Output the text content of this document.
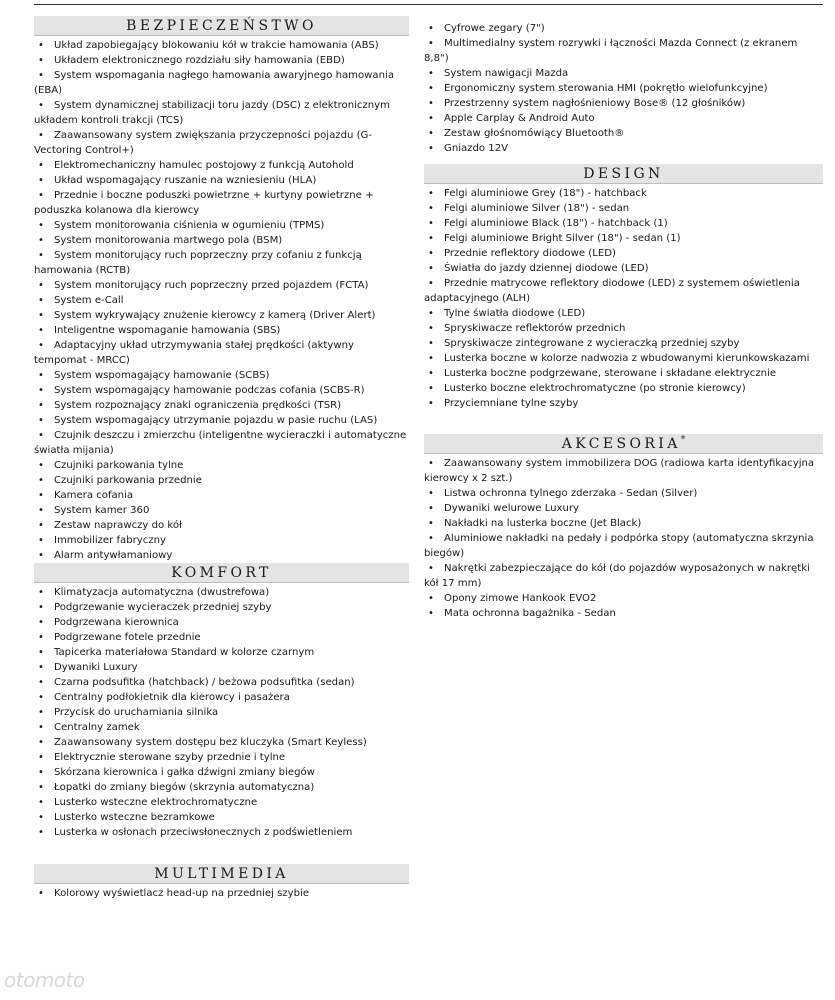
BEZPIECZEŃSTWO
• Układ zapobiegający blokowaniu kół w trakcie hamowania (ABS)
• Układem elektronicznego rozdziału siły hamowania (EBD)
• System wspomagania nagłego hamowania awaryjnego hamowania (EBA)
• System dynamicznej stabilizacji toru jazdy (DSC) z elektronicznym układem kontroli trakcji (TCS)
• Zaawansowany system zwiększania przyczepności pojazdu (G-Vectoring Control+)
• Elektromechaniczny hamulec postojowy z funkcją Autohold
• Układ wspomagający ruszanie na wzniesieniu (HLA)
• Przednie i boczne poduszki powietrzne + kurtyny powietrzne + poduszka kolanowa dla kierowcy
• System monitorowania ciśnienia w ogumieniu (TPMS)
• System monitorowania martwego pola (BSM)
• System monitorujący ruch poprzeczny przy cofaniu z funkcją hamowania (RCTB)
• System monitorujący ruch poprzeczny przed pojazdem (FCTA)
• System e-Call
• System wykrywający znużenie kierowcy z kamerą (Driver Alert)
• Inteligentne wspomaganie hamowania (SBS)
• Adaptacyjny układ utrzymywania stałej prędkości (aktywny tempomat - MRCC)
• System wspomagający hamowanie (SCBS)
• System wspomagający hamowanie podczas cofania (SCBS-R)
• System rozpoznający znaki ograniczenia prędkości (TSR)
• System wspomagający utrzymanie pojazdu w pasie ruchu (LAS)
• Czujnik deszczu i zmierzchu (inteligentne wycieraczki i automatyczne światła mijania)
• Czujniki parkowania tylne
• Czujniki parkowania przednie
• Kamera cofania
• System kamer 360
• Zestaw naprawczy do kół
• Immobilizer fabryczny
• Alarm antywłamaniowy
KOMFORT
• Klimatyzacja automatyczna (dwustrefowa)
• Podgrzewanie wycieraczek przedniej szyby
• Podgrzewana kierownica
• Podgrzewane fotele przednie
• Tapicerka materiałowa Standard w kolorze czarnym
• Dywaniki Luxury
• Czarna podsufitka (hatchback) / beżowa podsufitka (sedan)
• Centralny podłokietnik dla kierowcy i pasażera
• Przycisk do uruchamiania silnika
• Centralny zamek
• Zaawansowany system dostępu bez kluczyka (Smart Keyless)
• Elektrycznie sterowane szyby przednie i tylne
• Skórzana kierownica i gałka dźwigni zmiany biegów
• Łopatki do zmiany biegów (skrzynia automatyczna)
• Lusterko wsteczne elektrochromatyczne
• Lusterko wsteczne bezramkowe
• Lusterka w osłonach przeciwsłonecznych z podświetleniem
MULTIMEDIA
• Kolorowy wyświetlacz head-up na przedniej szybie
• Cyfrowe zegary (7")
• Multimedialny system rozrywki i łączności Mazda Connect (z ekranem 8,8")
• System nawigacji Mazda
• Ergonomiczny system sterowania HMI (pokrętło wielofunkcyjne)
• Przestrzenny system nagłośnieniowy Bose® (12 głośników)
• Apple Carplay & Android Auto
• Zestaw głośnomówiący Bluetooth®
• Gniazdo 12V
DESIGN
• Felgi aluminiowe Grey (18") - hatchback
• Felgi aluminiowe Silver (18") - sedan
• Felgi aluminiowe Black (18") - hatchback (1)
• Felgi aluminiowe Bright Silver (18") - sedan (1)
• Przednie reflektory diodowe (LED)
• Światła do jazdy dziennej diodowe (LED)
• Przednie matrycowe reflektory diodowe (LED) z systemem oświetlenia adaptacyjnego (ALH)
• Tylne światła diodowe (LED)
• Spryskiwacze reflektorów przednich
• Spryskiwacze zintegrowane z wycieraczką przedniej szyby
• Lusterka boczne w kolorze nadwozia z wbudowanymi kierunkowskazami
• Lusterka boczne podgrzewane, sterowane i składane elektrycznie
• Lusterko boczne elektrochromatyczne (po stronie kierowcy)
• Przyciemniane tylne szyby
AKCESORIA *
• Zaawansowany system immobilizera DOG (radiowa karta identyfikacyjna kierowcy x 2 szt.)
• Listwa ochronna tylnego zderzaka - Sedan (Silver)
• Dywaniki welurowe Luxury
• Nakładki na lusterka boczne (Jet Black)
• Aluminiowe nakładki na pedały i podpórka stopy (automatyczna skrzynia biegów)
• Nakrętki zabezpieczające do kół (do pojazdów wyposażonych w nakrętki kół 17 mm)
• Opony zimowe Hankook EVO2
• Mata ochronna bagażnika - Sedan
otomoto
